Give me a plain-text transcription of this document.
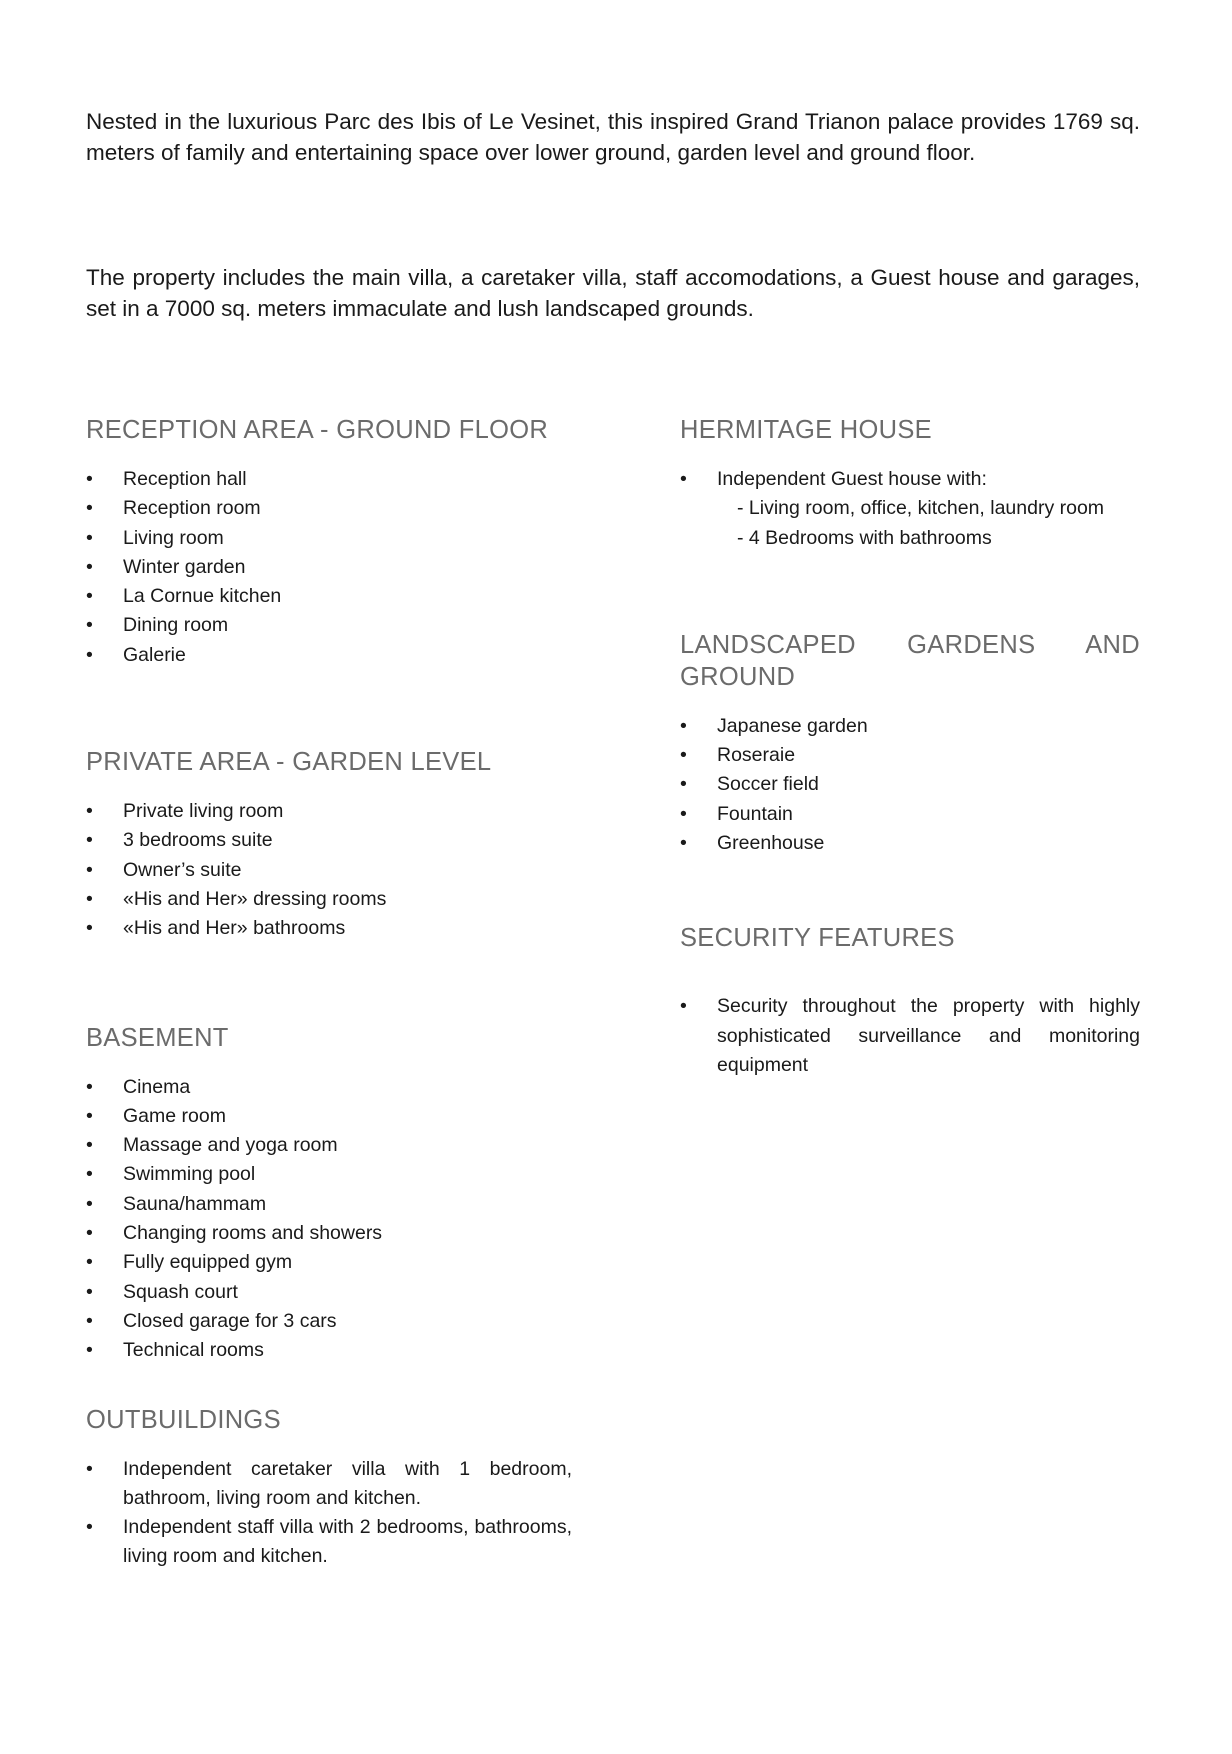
Nested in the luxurious Parc des Ibis of Le Vesinet, this inspired Grand Trianon palace provides 1769 sq. meters of family and entertaining space over lower ground, garden level and ground floor.

The property includes the main villa, a caretaker villa, staff accomodations, a Guest house and garages, set in a 7000 sq. meters immaculate and lush landscaped grounds.

RECEPTION AREA - GROUND FLOOR
• Reception hall
• Reception room
• Living room
• Winter garden
• La Cornue kitchen
• Dining room
• Galerie
PRIVATE AREA - GARDEN LEVEL
• Private living room
• 3 bedrooms suite
• Owner’s suite
• «His and Her» dressing rooms
• «His and Her» bathrooms
BASEMENT
• Cinema
• Game room
• Massage and yoga room
• Swimming pool
• Sauna/hammam
• Changing rooms and showers
• Fully equipped gym
• Squash court
• Closed garage for 3 cars
• Technical rooms
OUTBUILDINGS
• Independent caretaker villa with 1 bedroom, bathroom, living room and kitchen.
• Independent staff villa with 2 bedrooms, bathrooms, living room and kitchen.
HERMITAGE HOUSE
• Independent Guest house with:
- Living room, office, kitchen, laundry room
- 4 Bedrooms with bathrooms
LANDSCAPED GARDENS AND
GROUND
• Japanese garden
• Roseraie
• Soccer field
• Fountain
• Greenhouse
SECURITY FEATURES
• Security throughout the property with highly sophisticated surveillance and monitoring equipment
